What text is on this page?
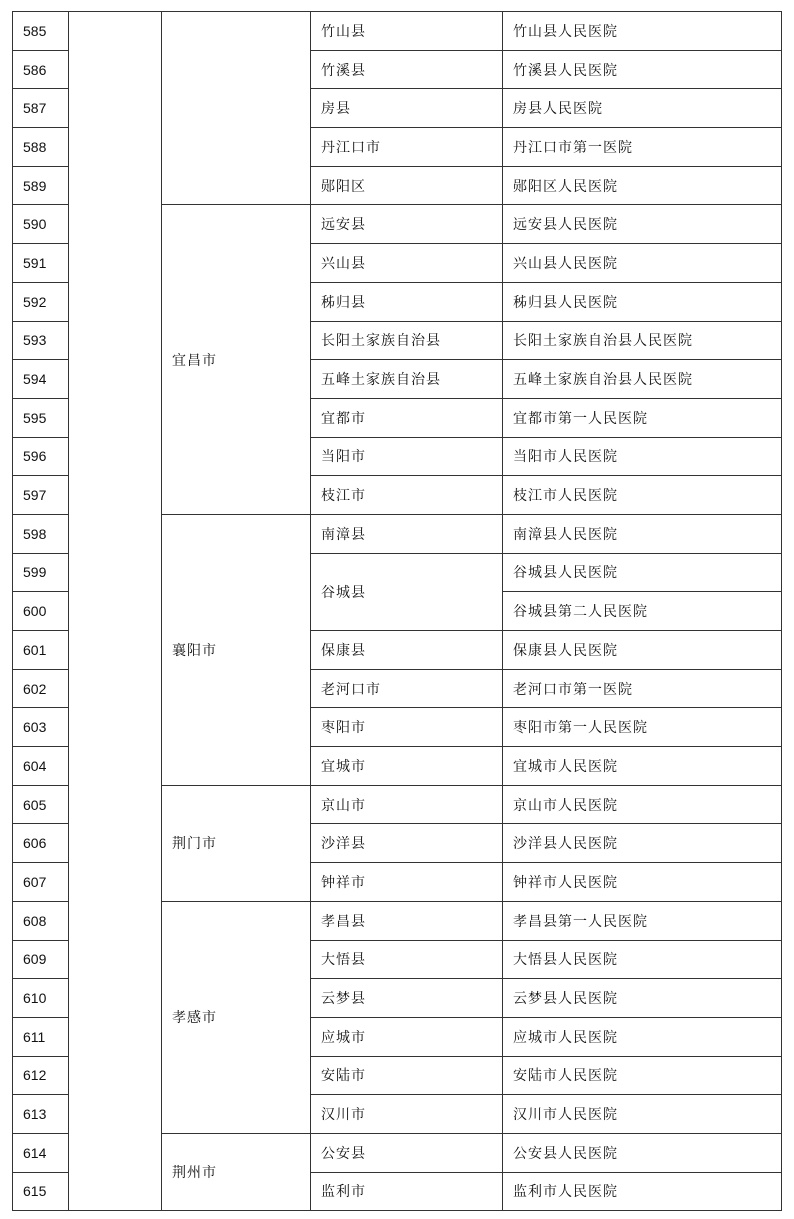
585			竹山县	竹山县人民医院
586			竹溪县	竹溪县人民医院
587			房县	房县人民医院
588			丹江口市	丹江口市第一医院
589			郧阳区	郧阳区人民医院
590		宜昌市	远安县	远安县人民医院
591			兴山县	兴山县人民医院
592			秭归县	秭归县人民医院
593			长阳土家族自治县	长阳土家族自治县人民医院
594			五峰土家族自治县	五峰土家族自治县人民医院
595			宜都市	宜都市第一人民医院
596			当阳市	当阳市人民医院
597			枝江市	枝江市人民医院
598		襄阳市	南漳县	南漳县人民医院
599			谷城县	谷城县人民医院
600				谷城县第二人民医院
601			保康县	保康县人民医院
602			老河口市	老河口市第一医院
603			枣阳市	枣阳市第一人民医院
604			宜城市	宜城市人民医院
605		荆门市	京山市	京山市人民医院
606			沙洋县	沙洋县人民医院
607			钟祥市	钟祥市人民医院
608		孝感市	孝昌县	孝昌县第一人民医院
609			大悟县	大悟县人民医院
610			云梦县	云梦县人民医院
611			应城市	应城市人民医院
612			安陆市	安陆市人民医院
613			汉川市	汉川市人民医院
614		荆州市	公安县	公安县人民医院
615			监利市	监利市人民医院
